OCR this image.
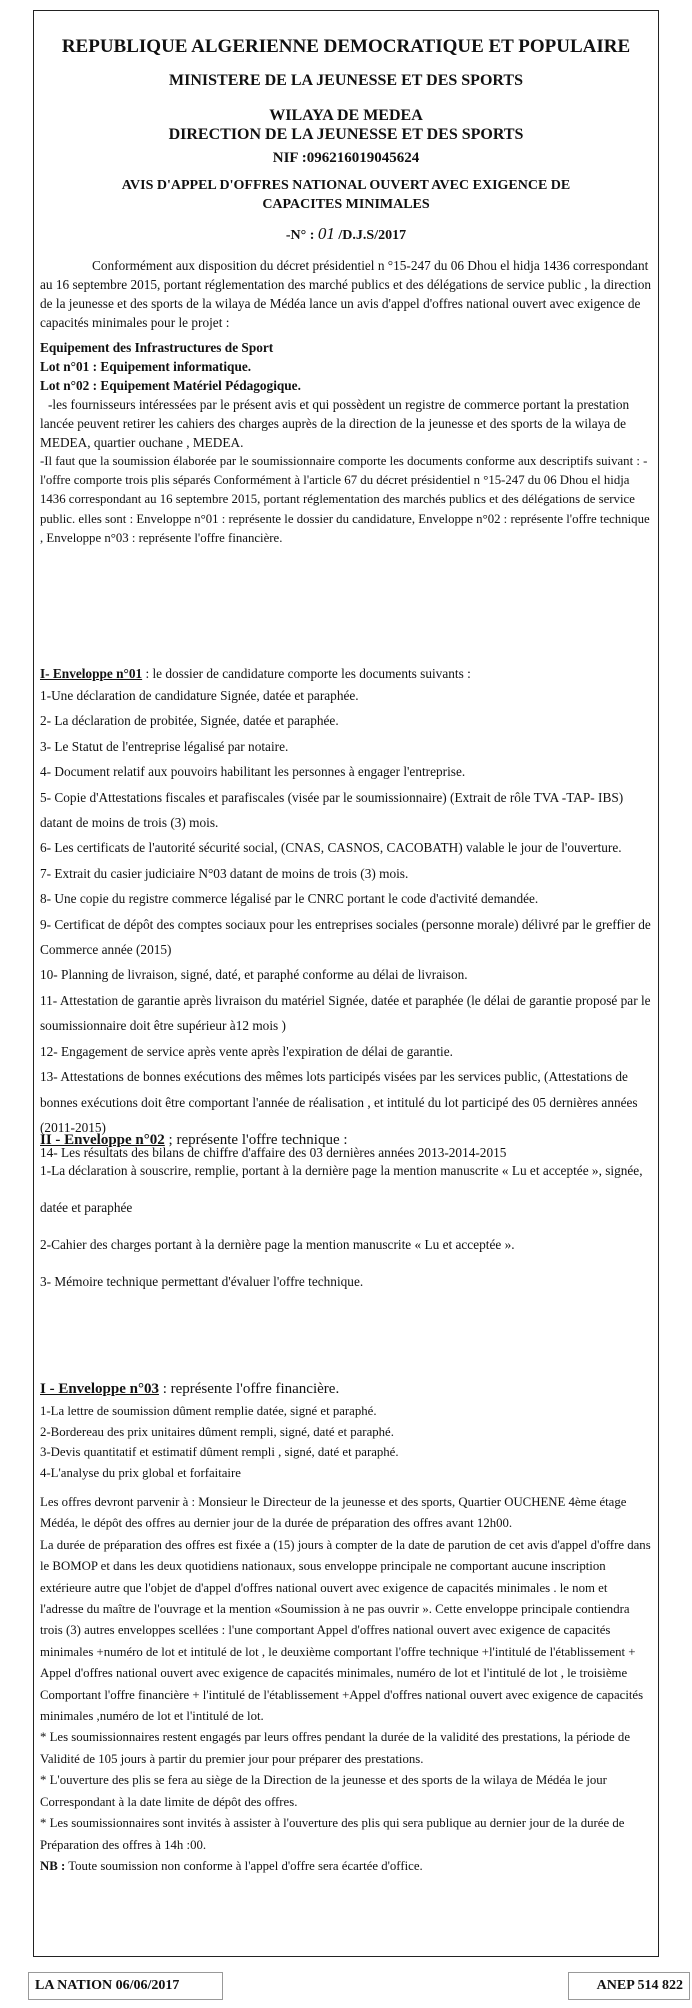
REPUBLIQUE ALGERIENNE DEMOCRATIQUE ET POPULAIRE
MINISTERE DE LA JEUNESSE ET DES SPORTS
WILAYA DE MEDEA
DIRECTION DE LA JEUNESSE ET DES SPORTS
NIF :096216019045624
AVIS D'APPEL D'OFFRES NATIONAL OUVERT AVEC EXIGENCE DE
CAPACITES MINIMALES
-N° : 01 /D.J.S/2017

Conformément aux disposition du décret présidentiel n °15-247 du 06 Dhou el hidja 1436 correspondant au 16 septembre 2015, portant réglementation des marché publics et des délégations de service public , la direction de la jeunesse et des sports de la wilaya de Médéa lance un avis d'appel d'offres national ouvert avec exigence de capacités minimales pour le projet :

Equipement des Infrastructures de Sport

Lot n°01 : Equipement informatique.

Lot n°02 : Equipement Matériel Pédagogique.

-les fournisseurs intéressées par le présent avis et qui possèdent un registre de commerce portant la prestation lancée peuvent retirer les cahiers des charges auprès de la direction de la jeunesse et des sports de la wilaya de MEDEA, quartier ouchane , MEDEA.

-Il faut que la soumission élaborée par le soumissionnaire comporte les documents conforme aux descriptifs suivant : -l'offre comporte trois plis séparés Conformément à l'article 67 du décret présidentiel n °15-247 du 06 Dhou el hidja 1436 correspondant au 16 septembre 2015, portant réglementation des marchés publics et des délégations de service public. elles sont : Enveloppe n°01 : représente le dossier du candidature, Enveloppe n°02 : représente l'offre technique , Enveloppe n°03 : représente l'offre financière.

I- Enveloppe n°01 : le dossier de candidature comporte les documents suivants :

1-Une déclaration de candidature Signée, datée et paraphée.

2- La déclaration de probitée, Signée, datée et paraphée.

3- Le Statut de l'entreprise légalisé par notaire.

4- Document relatif aux pouvoirs habilitant les personnes à engager l'entreprise.

5- Copie d'Attestations fiscales et parafiscales (visée par le soumissionnaire) (Extrait de rôle TVA -TAP- IBS) datant de moins de trois (3) mois.

6- Les certificats de l'autorité sécurité social, (CNAS, CASNOS, CACOBATH) valable le jour de l'ouverture.

7- Extrait du casier judiciaire N°03 datant de moins de trois (3) mois.

8- Une copie du registre commerce légalisé par le CNRC portant le code d'activité demandée.

9- Certificat de dépôt des comptes sociaux pour les entreprises sociales (personne morale) délivré par le greffier de Commerce année (2015)

10- Planning de livraison, signé, daté, et paraphé conforme au délai de livraison.

11- Attestation de garantie après livraison du matériel Signée, datée et paraphée (le délai de garantie proposé par le soumissionnaire doit être supérieur à12 mois )

12- Engagement de service après vente après l'expiration de délai de garantie.

13- Attestations de bonnes exécutions des mêmes lots participés visées par les services public, (Attestations de bonnes exécutions doit être comportant l'année de réalisation , et intitulé du lot participé des 05 dernières années (2011-2015)

14- Les résultats des bilans de chiffre d'affaire des 03 dernières années 2013-2014-2015

II - Enveloppe n°02 ; représente l'offre technique :

1-La déclaration à souscrire, remplie, portant à la dernière page la mention manuscrite « Lu et acceptée », signée, datée et paraphée

2-Cahier des charges portant à la dernière page la mention manuscrite « Lu et acceptée ».

3- Mémoire technique permettant d'évaluer l'offre technique.

I - Enveloppe n°03 : représente l'offre financière.

1-La lettre de soumission dûment remplie datée, signé et paraphé.

2-Bordereau des prix unitaires dûment rempli, signé, daté et paraphé.

3-Devis quantitatif et estimatif dûment rempli , signé, daté et paraphé.

4-L'analyse du prix global et forfaitaire

Les offres devront parvenir à : Monsieur le Directeur de la jeunesse et des sports, Quartier OUCHENE 4ème étage Médéa, le dépôt des offres au dernier jour de la durée de préparation des offres avant 12h00.

La durée de préparation des offres est fixée a (15) jours à compter de la date de parution de cet avis d'appel d'offre dans le BOMOP et dans les deux quotidiens nationaux, sous enveloppe principale ne comportant aucune inscription extérieure autre que l'objet de d'appel d'offres national ouvert avec exigence de capacités minimales . le nom et l'adresse du maître de l'ouvrage et la mention «Soumission à ne pas ouvrir ». Cette enveloppe principale contiendra trois (3) autres enveloppes scellées : l'une comportant Appel d'offres national ouvert avec exigence de capacités minimales +numéro de lot et intitulé de lot , le deuxième comportant l'offre technique +l'intitulé de l'établissement + Appel d'offres national ouvert avec exigence de capacités minimales, numéro de lot et l'intitulé de lot , le troisième Comportant l'offre financière + l'intitulé de l'établissement +Appel d'offres national ouvert avec exigence de capacités minimales ,numéro de lot et l'intitulé de lot.

* Les soumissionnaires restent engagés par leurs offres pendant la durée de la validité des prestations, la période de Validité de 105 jours à partir du premier jour pour préparer des prestations.

* L'ouverture des plis se fera au siège de la Direction de la jeunesse et des sports de la wilaya de Médéa le jour Correspondant à la date limite de dépôt des offres.

* Les soumissionnaires sont invités à assister à l'ouverture des plis qui sera publique au dernier jour de la durée de Préparation des offres à 14h :00.

NB : Toute soumission non conforme à l'appel d'offre sera écartée d'office.

LA NATION 06/06/2017	ANEP 514 822
